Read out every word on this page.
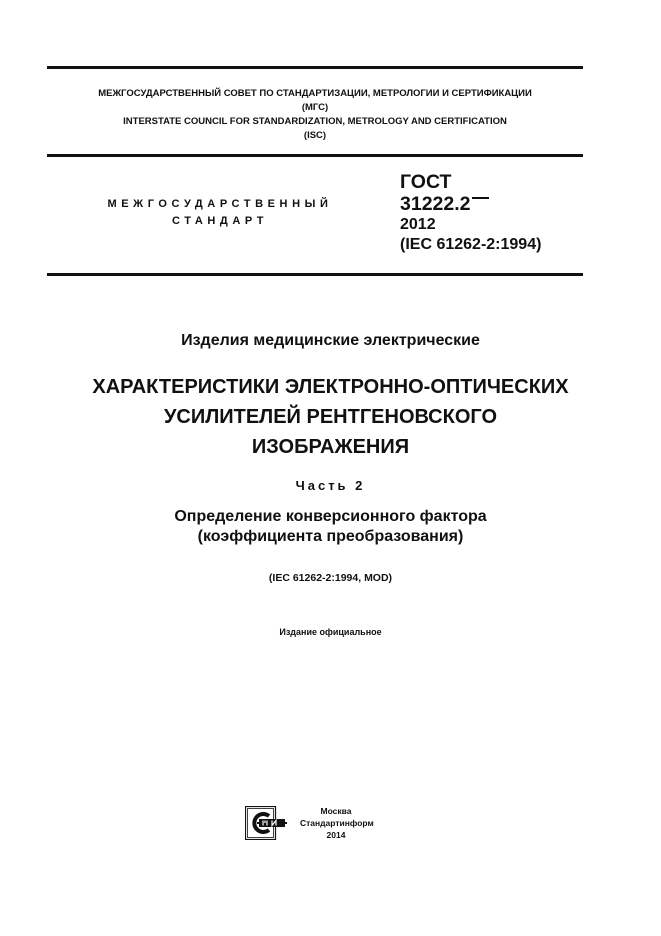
МЕЖГОСУДАРСТВЕННЫЙ СОВЕТ ПО СТАНДАРТИЗАЦИИ, МЕТРОЛОГИИ И СЕРТИФИКАЦИИ
(МГС)
INTERSTATE COUNCIL FOR STANDARDIZATION, METROLOGY AND CERTIFICATION
(ISC)
МЕЖГОСУДАРСТВЕННЫЙ
СТАНДАРТ
ГОСТ
31222.2
2012
(IEC 61262-2:1994)
Изделия медицинские электрические
ХАРАКТЕРИСТИКИ ЭЛЕКТРОННО-ОПТИЧЕСКИХ
УСИЛИТЕЛЕЙ РЕНТГЕНОВСКОГО
ИЗОБРАЖЕНИЯ
Часть 2
Определение конверсионного фактора
(коэффициента преобразования)
(IEC 61262-2:1994, MOD)
Издание официальное
Москва
Стандартинформ
2014
